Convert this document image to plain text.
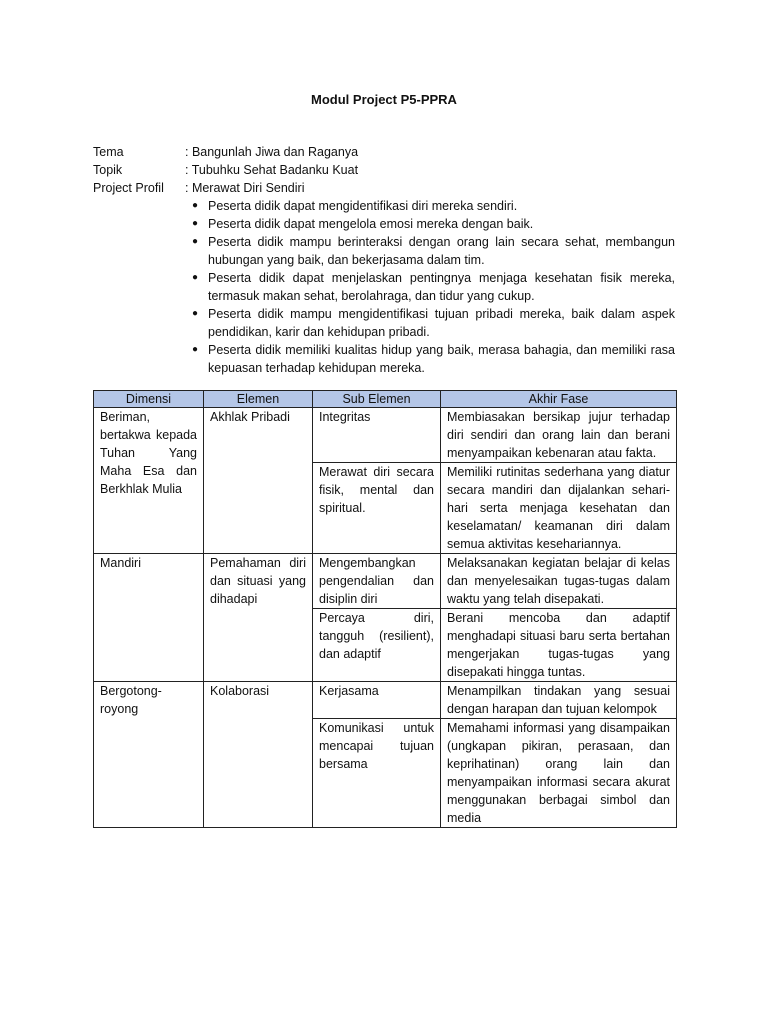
Modul Project P5-PPRA
Tema	: Bangunlah Jiwa dan Raganya
Topik	: Tubuhku Sehat Badanku Kuat
Project Profil	: Merawat Diri Sendiri
● Peserta didik dapat mengidentifikasi diri mereka sendiri.
● Peserta didik dapat mengelola emosi mereka dengan baik.
● Peserta didik mampu berinteraksi dengan orang lain secara sehat, membangun hubungan yang baik, dan bekerjasama dalam tim.
● Peserta didik dapat menjelaskan pentingnya menjaga kesehatan fisik mereka, termasuk makan sehat, berolahraga, dan tidur yang cukup.
● Peserta didik mampu mengidentifikasi tujuan pribadi mereka, baik dalam aspek pendidikan, karir dan kehidupan pribadi.
● Peserta didik memiliki kualitas hidup yang baik, merasa bahagia, dan memiliki rasa kepuasan terhadap kehidupan mereka.
Dimensi	Elemen	Sub Elemen	Akhir Fase
Beriman, bertakwa kepada Tuhan Yang Maha Esa dan Berkhlak Mulia	Akhlak Pribadi	Integritas	Membiasakan bersikap jujur terhadap diri sendiri dan orang lain dan berani menyampaikan kebenaran atau fakta.
		Merawat diri secara fisik, mental dan spiritual.	Memiliki rutinitas sederhana yang diatur secara mandiri dan dijalankan sehari-hari serta menjaga kesehatan dan keselamatan/ keamanan diri dalam semua aktivitas kesehariannya.
Mandiri	Pemahaman diri dan situasi yang dihadapi	Mengembangkan pengendalian dan disiplin diri	Melaksanakan kegiatan belajar di kelas dan menyelesaikan tugas-tugas dalam waktu yang telah disepakati.
		Percaya diri, tangguh (resilient), dan adaptif	Berani mencoba dan adaptif menghadapi situasi baru serta bertahan mengerjakan tugas-tugas yang disepakati hingga tuntas.
Bergotong-royong	Kolaborasi	Kerjasama	Menampilkan tindakan yang sesuai dengan harapan dan tujuan kelompok
		Komunikasi untuk mencapai tujuan bersama	Memahami informasi yang disampaikan (ungkapan pikiran, perasaan, dan keprihatinan) orang lain dan menyampaikan informasi secara akurat menggunakan berbagai simbol dan media
